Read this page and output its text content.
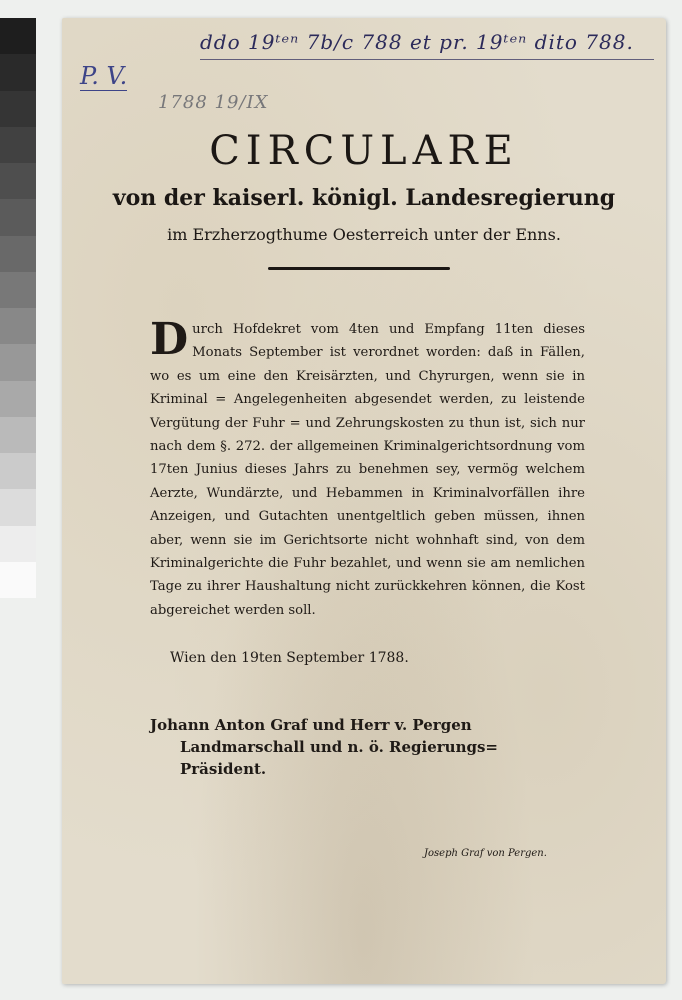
ddo 19ᵗᵉⁿ 7b/c 788 et pr. 19ᵗᵉⁿ dito 788.
P. V.
1788 19/IX
CIRCULARE
von der kaiserl. königl. Landesregierung
im Erzherzogthume Oesterreich unter der Enns.
Durch Hofdekret vom 4ten und Empfang 11ten dieses Monats September ist verordnet worden: daß in Fällen, wo es um eine den Kreisärzten, und Chyrurgen, wenn sie in Kriminal = Angelegenheiten abgesendet werden, zu leistende Vergütung der Fuhr = und Zehrungskosten zu thun ist, sich nur nach dem §. 272. der allgemeinen Kriminalgerichtsordnung vom 17ten Junius dieses Jahrs zu benehmen sey, vermög welchem Aerzte, Wundärzte, und Hebammen in Kriminalvorfällen ihre Anzeigen, und Gutachten unentgeltlich geben müssen, ihnen aber, wenn sie im Gerichtsorte nicht wohnhaft sind, von dem Kriminalgerichte die Fuhr bezahlet, und wenn sie am nemlichen Tage zu ihrer Haushaltung nicht zurückkehren können, die Kost abgereichet werden soll.
Wien den 19ten September 1788.
Johann Anton Graf und Herr v. Pergen
Landmarschall und n. ö. Regierungs=
Präsident.
Joseph Graf von Pergen.
